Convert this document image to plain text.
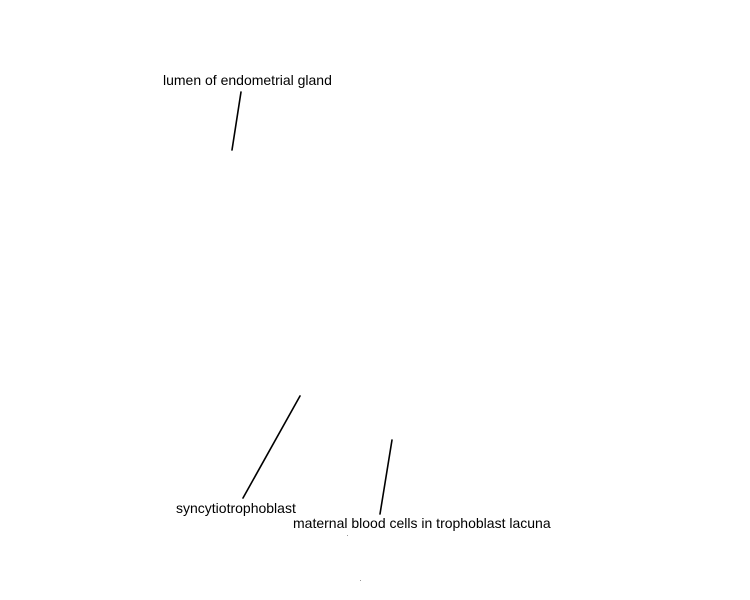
lumen of endometrial gland
syncytiotrophoblast
maternal blood cells in trophoblast lacuna
